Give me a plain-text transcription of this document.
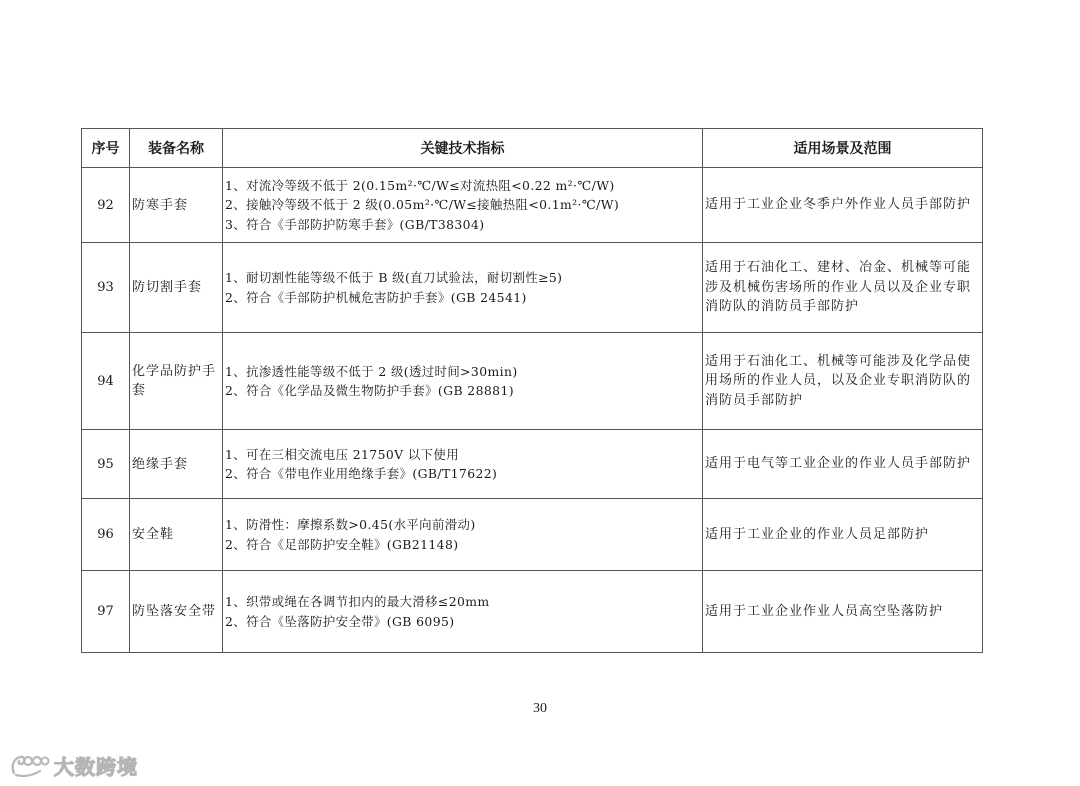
序号	装备名称	关键技术指标	适用场景及范围
92	防寒手套	1、对流冷等级不低于 2(0.15m²·℃/W≤对流热阻<0.22 m²·℃/W)
2、接触冷等级不低于 2 级(0.05m²·℃/W≤接触热阻<0.1m²·℃/W)
3、符合《手部防护防寒手套》(GB/T38304)	适用于工业企业冬季户外作业人员手部防护
93	防切割手套	1、耐切割性能等级不低于 B 级(直刀试验法，耐切割性≥5)
2、符合《手部防护机械危害防护手套》(GB 24541)	适用于石油化工、建材、冶金、机械等可能涉及机械伤害场所的作业人员以及企业专职消防队的消防员手部防护
94	化学品防护手套	1、抗渗透性能等级不低于 2 级(透过时间>30min)
2、符合《化学品及微生物防护手套》(GB 28881)	适用于石油化工、机械等可能涉及化学品使用场所的作业人员，以及企业专职消防队的消防员手部防护
95	绝缘手套	1、可在三相交流电压 21750V 以下使用
2、符合《带电作业用绝缘手套》(GB/T17622)	适用于电气等工业企业的作业人员手部防护
96	安全鞋	1、防滑性：摩擦系数>0.45(水平向前滑动)
2、符合《足部防护安全鞋》(GB21148)	适用于工业企业的作业人员足部防护
97	防坠落安全带	1、织带或绳在各调节扣内的最大滑移≤20mm
2、符合《坠落防护安全带》(GB 6095)	适用于工业企业作业人员高空坠落防护
30
大数跨境
